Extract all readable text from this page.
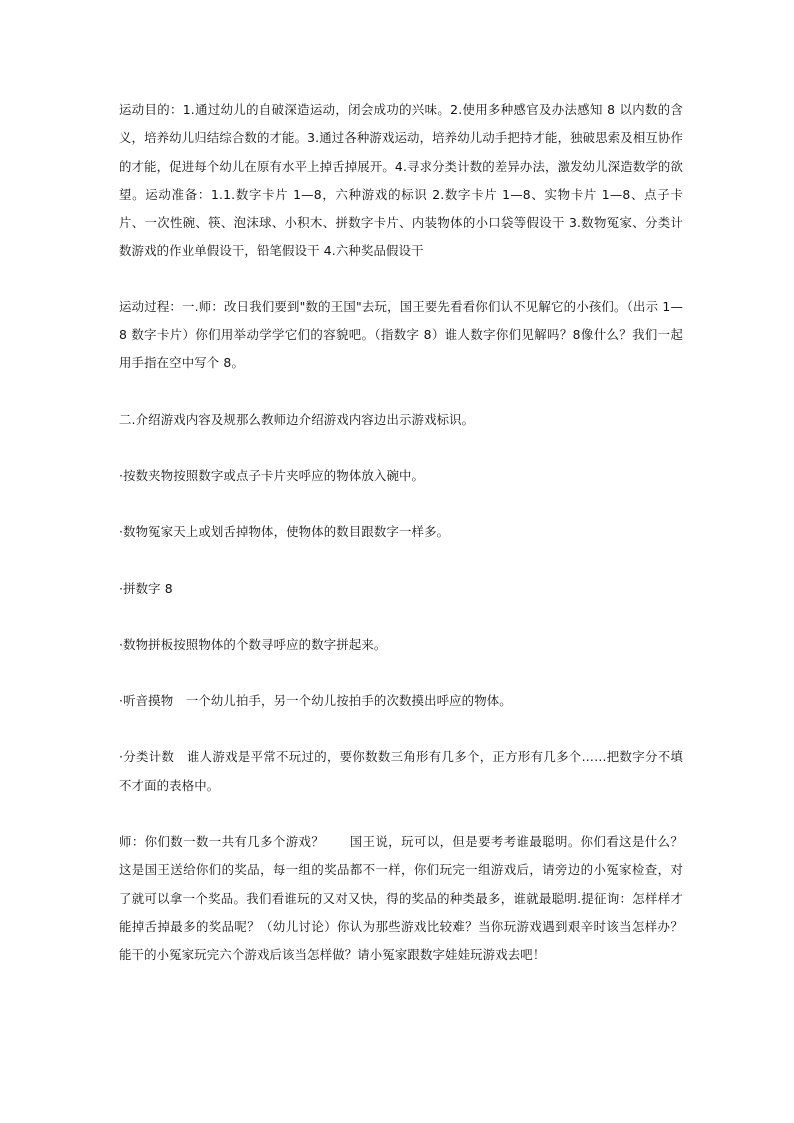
运动目的：1.通过幼儿的自破深造运动，闭会成功的兴味。2.使用多种感官及办法感知 8 以内数的含义，培养幼儿归结综合数的才能。3.通过各种游戏运动，培养幼儿动手把持才能，独破思索及相互协作的才能，促进每个幼儿在原有水平上掉舌掉展开。4.寻求分类计数的差异办法，激发幼儿深造数学的欲望。运动准备：1.1.数字卡片 1—8，六种游戏的标识 2.数字卡片 1—8、实物卡片 1—8、点子卡片、一次性碗、筷、泡沫球、小积木、拼数字卡片、内装物体的小口袋等假设干 3.数物冤家、分类计数游戏的作业单假设干，铅笔假设干 4.六种奖品假设干

运动过程：一.师：改日我们要到"数的王国"去玩，国王要先看看你们认不见解它的小孩们。（出示 1—8 数字卡片）你们用举动学学它们的容貌吧。（指数字 8）谁人数字你们见解吗？8像什么？我们一起用手指在空中写个 8。

二.介绍游戏内容及规那么教师边介绍游戏内容边出示游戏标识。

·按数夹物按照数字或点子卡片夹呼应的物体放入碗中。

·数物冤家天上或划舌掉物体，使物体的数目跟数字一样多。

·拼数字 8

·数物拼板按照物体的个数寻呼应的数字拼起来。

·听音摸物　一个幼儿拍手，另一个幼儿按拍手的次数摸出呼应的物体。

·分类计数　谁人游戏是平常不玩过的，要你数数三角形有几多个，正方形有几多个……把数字分不填不才面的表格中。

师：你们数一数一共有几多个游戏？　　国王说，玩可以，但是要考考谁最聪明。你们看这是什么？这是国王送给你们的奖品，每一组的奖品都不一样，你们玩完一组游戏后，请旁边的小冤家检查，对了就可以拿一个奖品。我们看谁玩的又对又快，得的奖品的种类最多，谁就最聪明.提征询：怎样样才能掉舌掉最多的奖品呢？（幼儿讨论）你认为那些游戏比较难？当你玩游戏遇到艰辛时该当怎样办？能干的小冤家玩完六个游戏后该当怎样做？请小冤家跟数字娃娃玩游戏去吧！
